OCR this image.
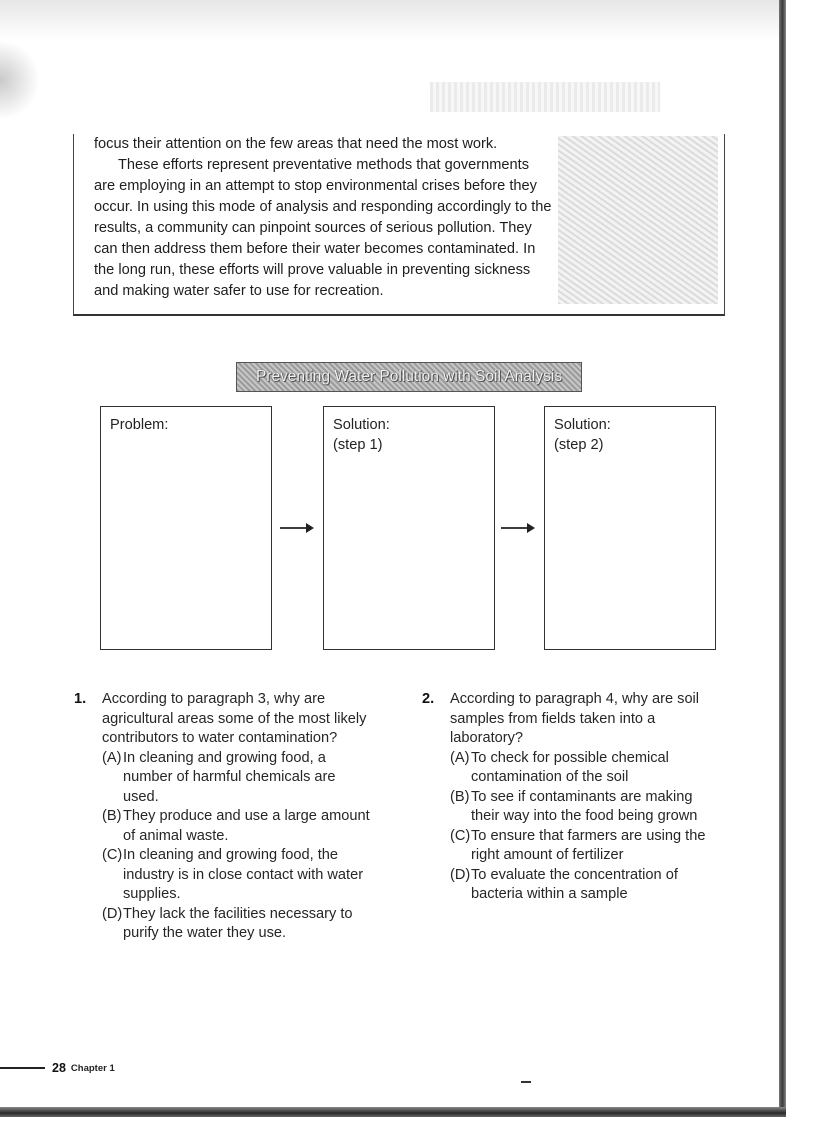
focus their attention on the few areas that need the most work.

These efforts represent preventative methods that governments are employing in an attempt to stop environmental crises before they occur. In using this mode of analysis and responding accordingly to the results, a community can pinpoint sources of serious pollution. They can then address them before their water becomes contaminated. In the long run, these efforts will prove valuable in preventing sickness and making water safer to use for recreation.

Preventing Water Pollution with Soil Analysis
Problem:	Solution:
(step 1)
Solution:
(step 2)
1. According to paragraph 3, why are agricultural areas some of the most likely contributors to water contamination?
(A) In cleaning and growing food, a number of harmful chemicals are used.
(B) They produce and use a large amount of animal waste.
(C) In cleaning and growing food, the industry is in close contact with water supplies.
(D) They lack the facilities necessary to purify the water they use.
2. According to paragraph 4, why are soil samples from fields taken into a laboratory?
(A) To check for possible chemical contamination of the soil
(B) To see if contaminants are making their way into the food being grown
(C) To ensure that farmers are using the right amount of fertilizer
(D) To evaluate the concentration of bacteria within a sample
28 Chapter 1
